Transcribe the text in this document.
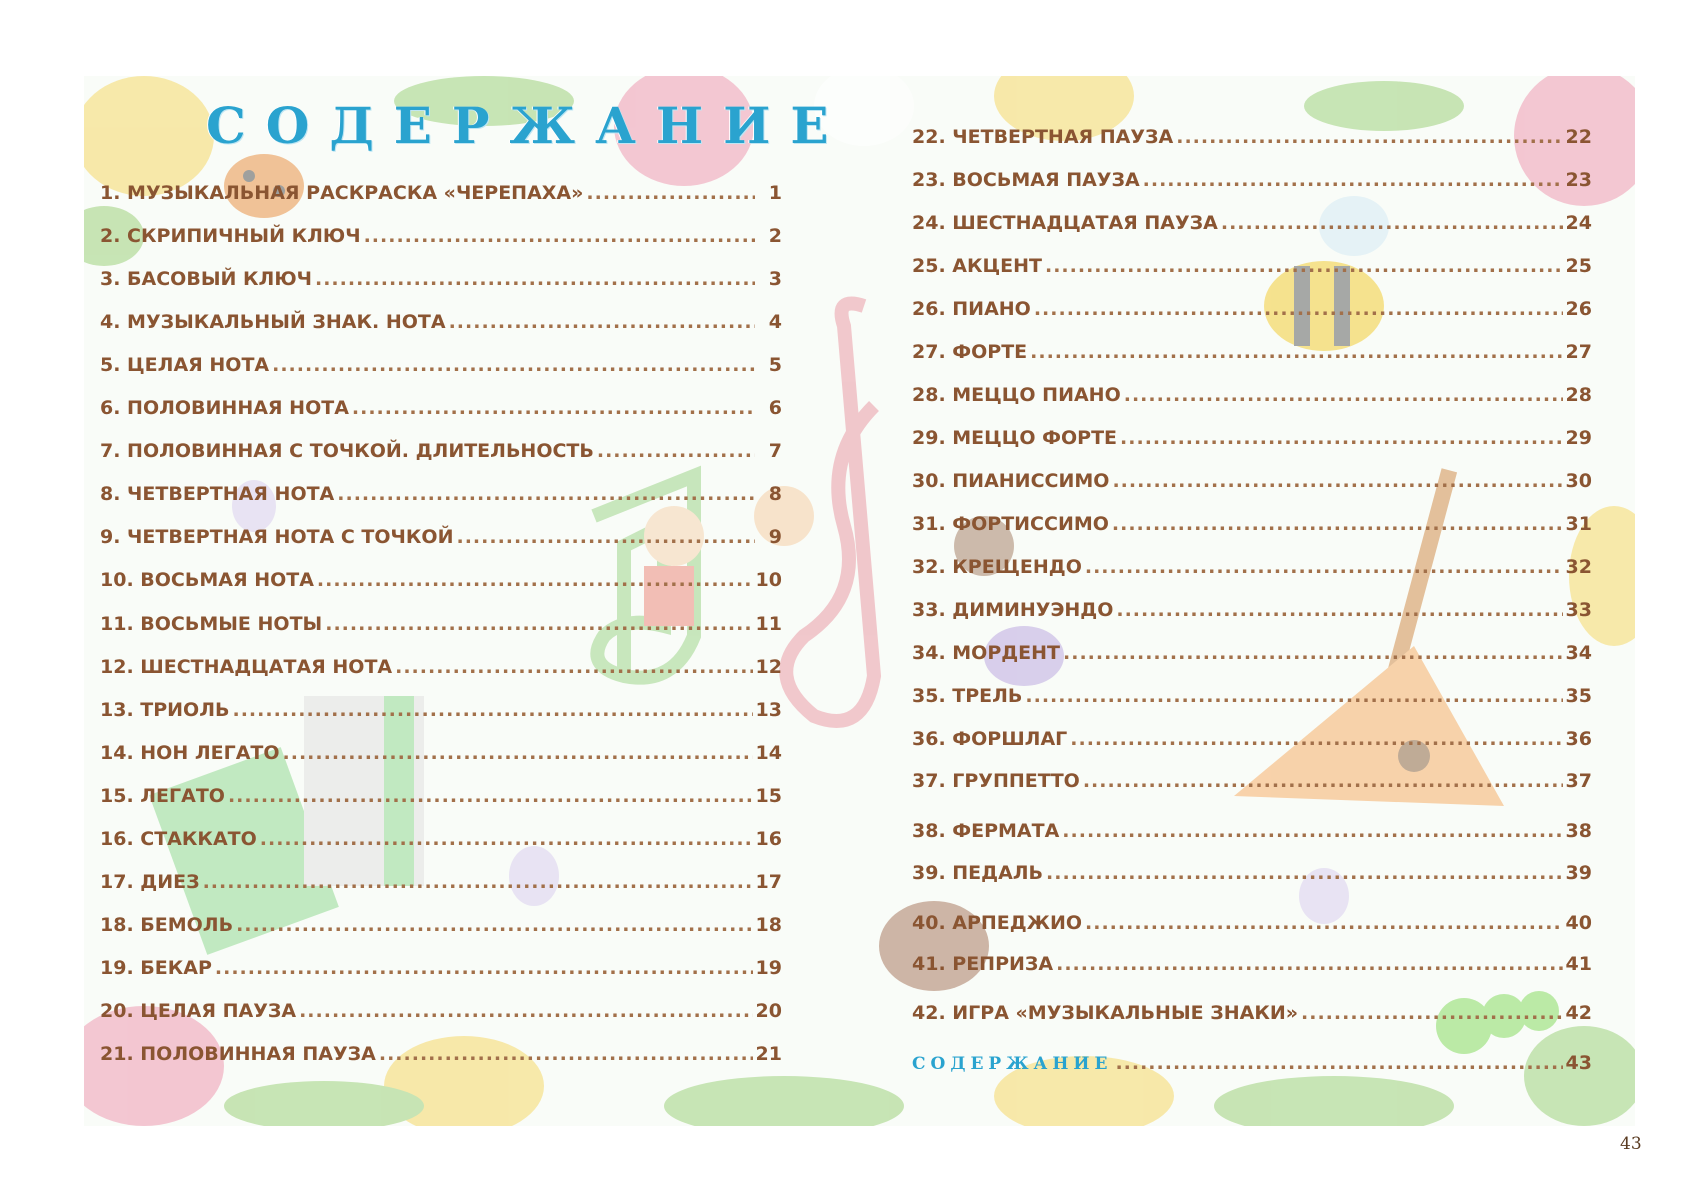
СОДЕРЖАНИЕ
1. МУЗЫКАЛЬНАЯ РАСКРАСКА «ЧЕРЕПАХА» .....	1
2. СКРИПИЧНЫЙ КЛЮЧ .....	2
3. БАСОВЫЙ КЛЮЧ .....	3
4. МУЗЫКАЛЬНЫЙ ЗНАК. НОТА .....	4
5. ЦЕЛАЯ НОТА .....	5
6. ПОЛОВИННАЯ НОТА .....	6
7. ПОЛОВИННАЯ С ТОЧКОЙ. ДЛИТЕЛЬНОСТЬ .....	7
8. ЧЕТВЕРТНАЯ НОТА .....	8
9. ЧЕТВЕРТНАЯ НОТА С ТОЧКОЙ .....	9
10. ВОСЬМАЯ НОТА .....	10
11. ВОСЬМЫЕ НОТЫ .....	11
12. ШЕСТНАДЦАТАЯ НОТА .....	12
13. ТРИОЛЬ .....	13
14. НОН ЛЕГАТО .....	14
15. ЛЕГАТО .....	15
16. СТАККАТО .....	16
17. ДИЕЗ .....	17
18. БЕМОЛЬ .....	18
19. БЕКАР .....	19
20. ЦЕЛАЯ ПАУЗА .....	20
21. ПОЛОВИННАЯ ПАУЗА .....	21
22. ЧЕТВЕРТНАЯ ПАУЗА .....	22
23. ВОСЬМАЯ ПАУЗА .....	23
24. ШЕСТНАДЦАТАЯ ПАУЗА .....	24
25. АКЦЕНТ .....	25
26. ПИАНО .....	26
27. ФОРТЕ .....	27
28. МЕЦЦО ПИАНО .....	28
29. МЕЦЦО ФОРТЕ .....	29
30. ПИАНИССИМО .....	30
31. ФОРТИССИМО .....	31
32. КРЕЩЕНДО .....	32
33. ДИМИНУЭНДО .....	33
34. МОРДЕНТ .....	34
35. ТРЕЛЬ .....	35
36. ФОРШЛАГ .....	36
37. ГРУППЕТТО .....	37
38. ФЕРМАТА .....	38
39. ПЕДАЛЬ .....	39
40. АРПЕДЖИО .....	40
41. РЕПРИЗА .....	41
42. ИГРА «МУЗЫКАЛЬНЫЕ ЗНАКИ» .....	42
СОДЕРЖАНИЕ .....	43
43
